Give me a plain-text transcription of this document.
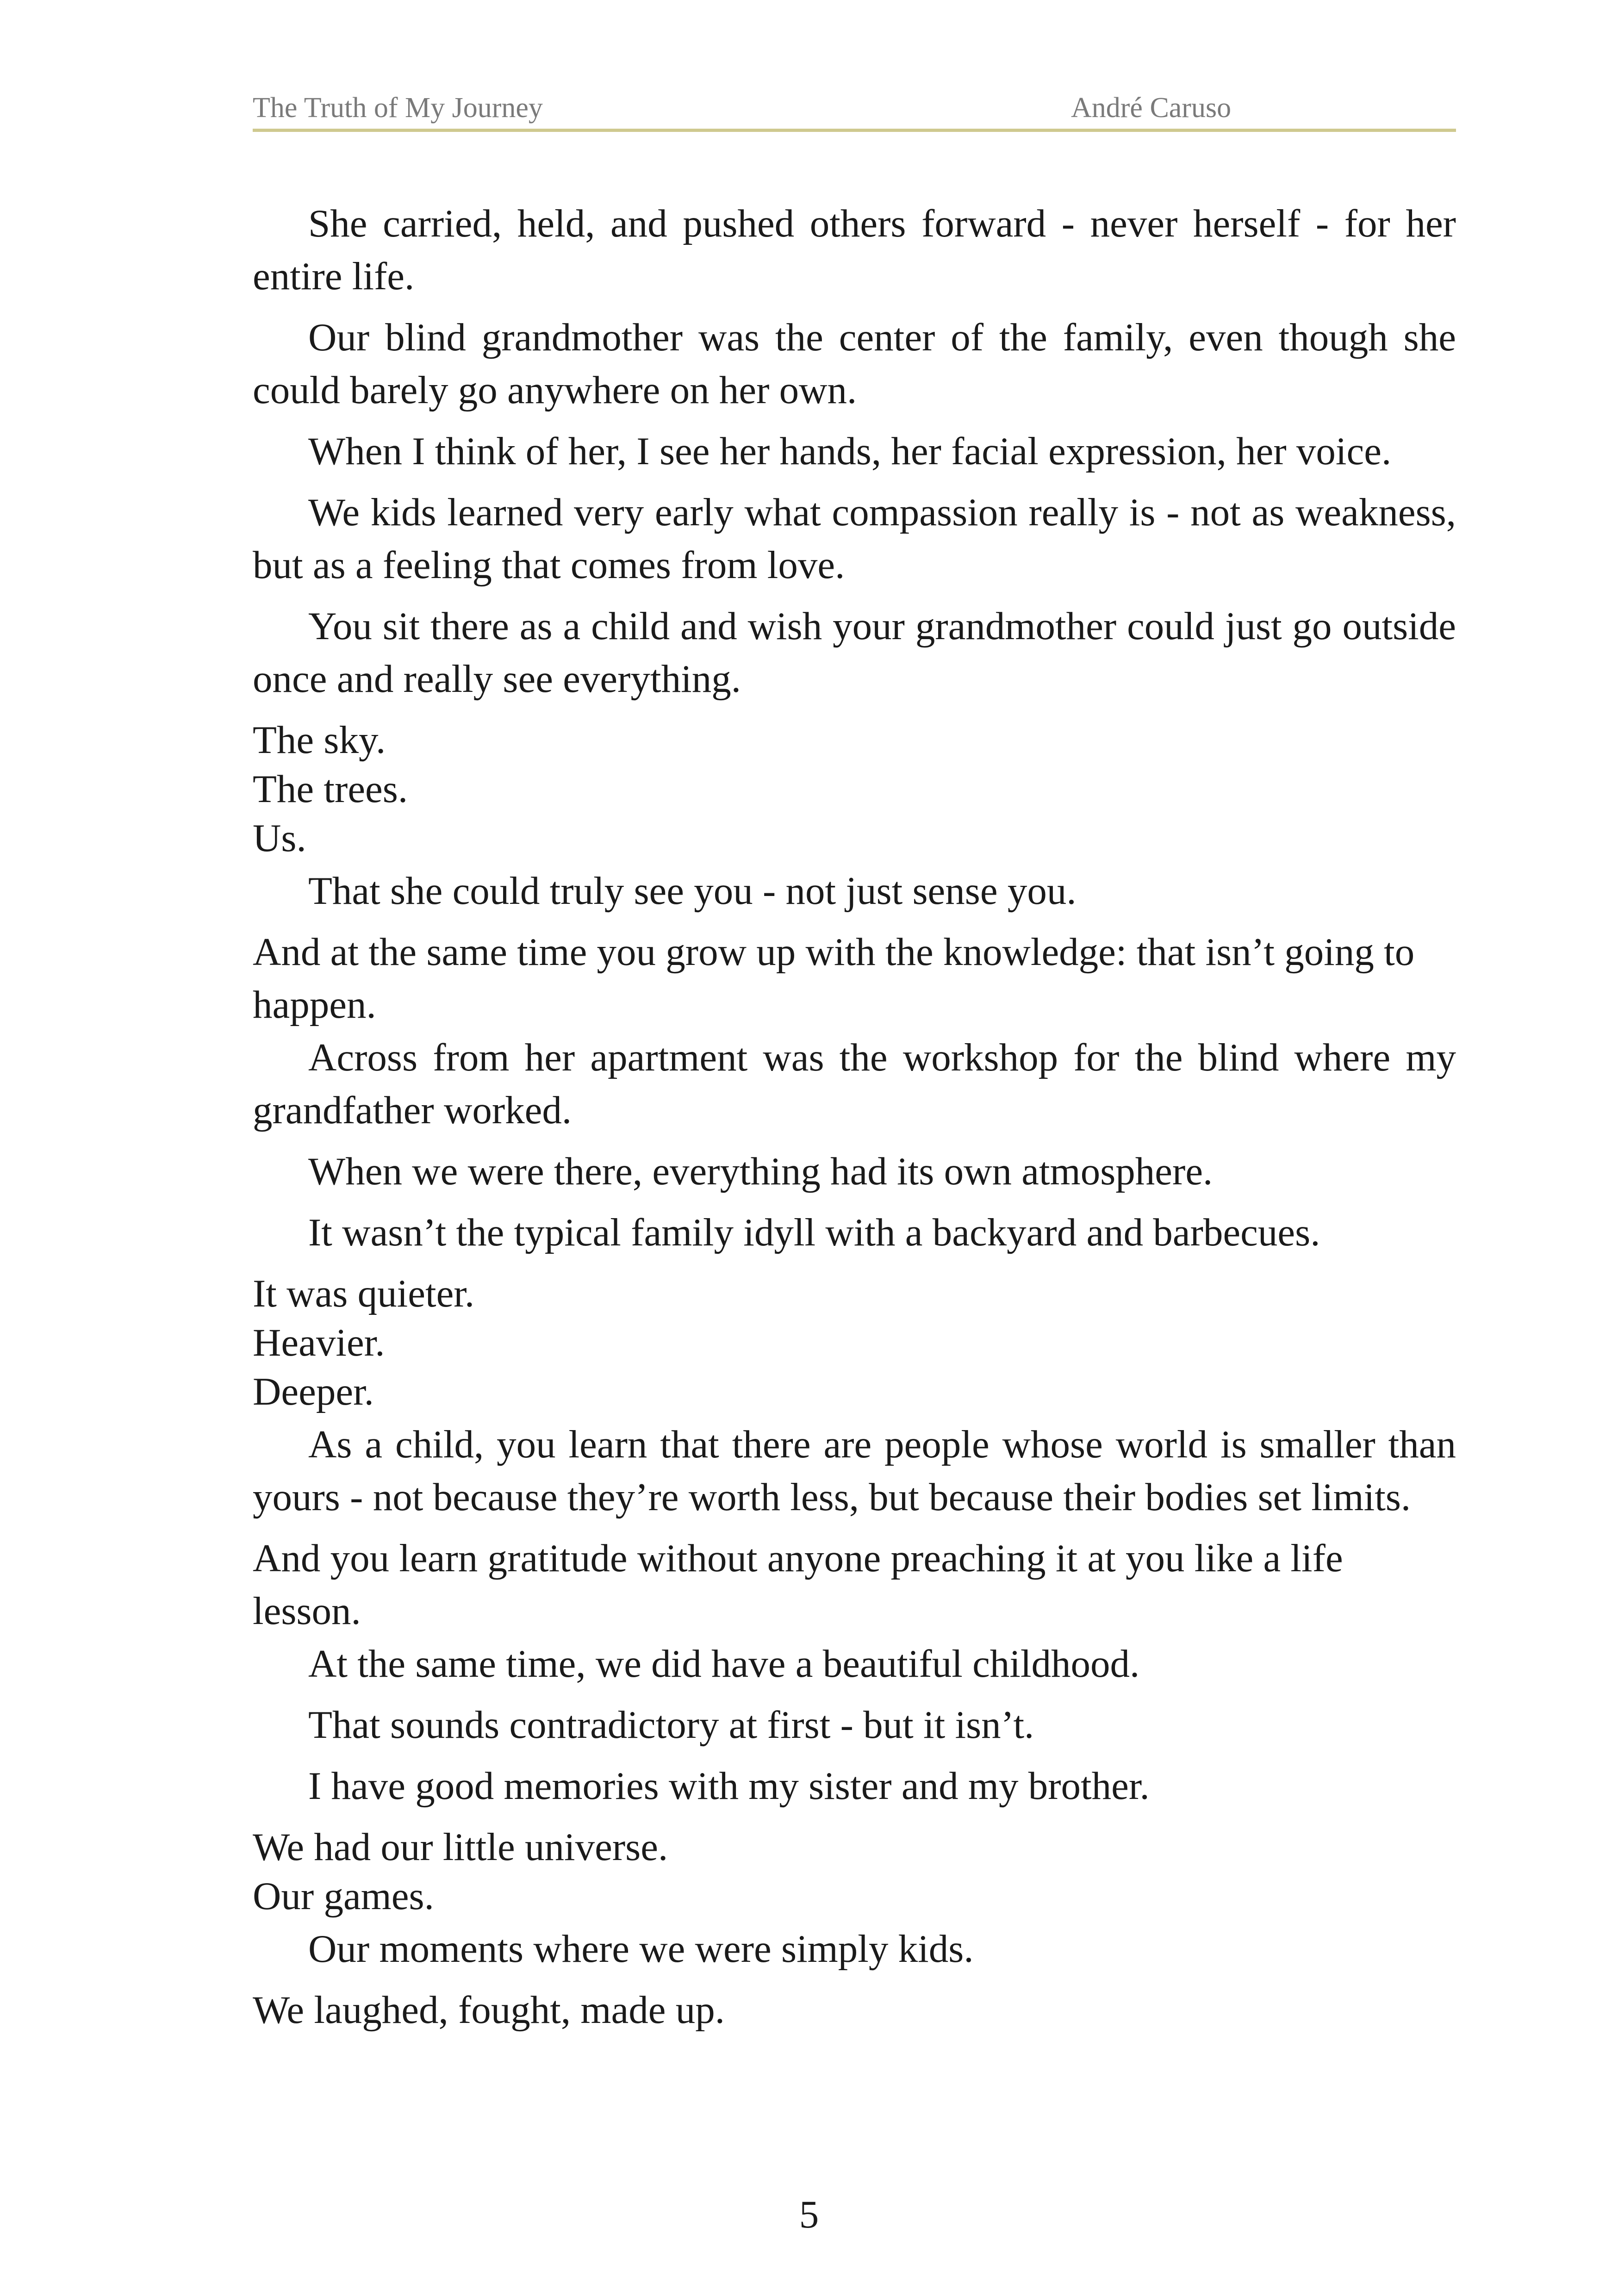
The Truth of My Journey	André Caruso

She carried, held, and pushed others forward - never herself - for her entire life.

Our blind grandmother was the center of the family, even though she could barely go anywhere on her own.

When I think of her, I see her hands, her facial expression, her voice.

We kids learned very early what compassion really is - not as weakness, but as a feeling that comes from love.

You sit there as a child and wish your grandmother could just go outside once and really see everything.

The sky.

The trees.

Us.

That she could truly see you - not just sense you.

And at the same time you grow up with the knowledge: that isn’t going to happen.

Across from her apartment was the workshop for the blind where my grandfather worked.

When we were there, everything had its own atmosphere.

It wasn’t the typical family idyll with a backyard and barbecues.

It was quieter.

Heavier.

Deeper.

As a child, you learn that there are people whose world is smaller than yours - not because they’re worth less, but because their bodies set limits.

And you learn gratitude without anyone preaching it at you like a life lesson.

At the same time, we did have a beautiful childhood.

That sounds contradictory at first - but it isn’t.

I have good memories with my sister and my brother.

We had our little universe.

Our games.

Our moments where we were simply kids.

We laughed, fought, made up.

5
